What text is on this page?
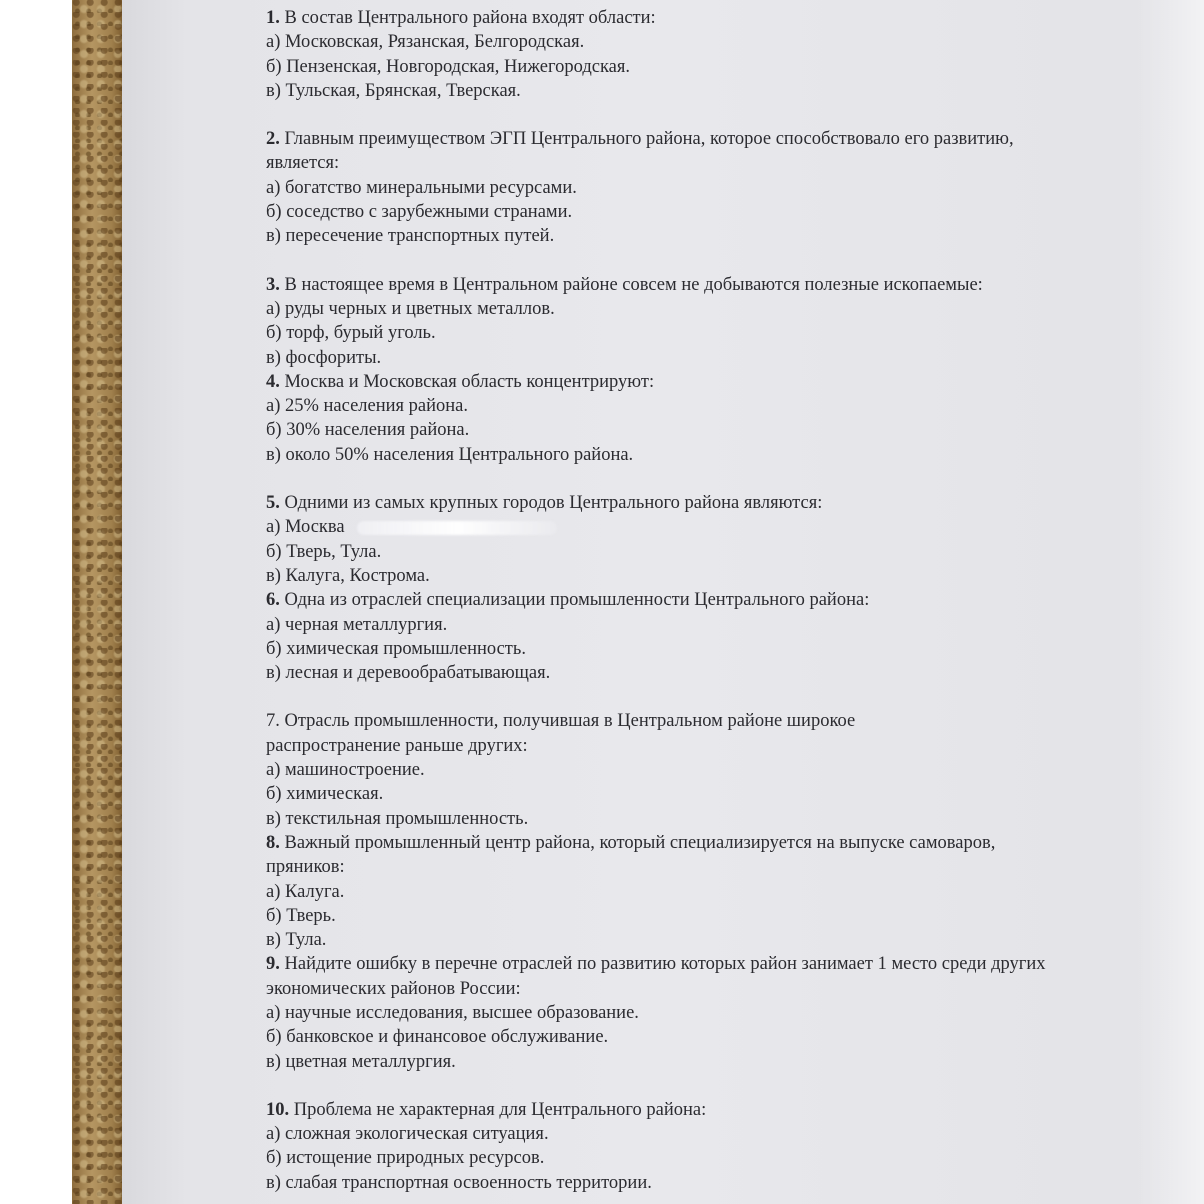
1. В состав Центрального района входят области:
а) Московская, Рязанская, Белгородская.
б) Пензенская, Новгородская, Нижегородская.
в) Тульская, Брянская, Тверская.
2. Главным преимуществом ЭГП Центрального района, которое способствовало его развитию, является:
а) богатство минеральными ресурсами.
б) соседство с зарубежными странами.
в) пересечение транспортных путей.
3. В настоящее время в Центральном районе совсем не добываются полезные ископаемые:
а) руды черных и цветных металлов.
б) торф, бурый уголь.
в) фосфориты.
4. Москва и Московская область концентрируют:
а) 25% населения района.
б) 30% населения района.
в) около 50% населения Центрального района.
5. Одними из самых крупных городов Центрального района являются:
а) Москва
б) Тверь, Тула.
в) Калуга, Кострома.
6. Одна из отраслей специализации промышленности Центрального района:
а) черная металлургия.
б) химическая промышленность.
в) лесная и деревообрабатывающая.
7. Отрасль промышленности, получившая в Центральном районе широкое распространение раньше других:
а) машиностроение.
б) химическая.
в) текстильная промышленность.
8. Важный промышленный центр района, который специализируется на выпуске самоваров, пряников:
а) Калуга.
б) Тверь.
в) Тула.
9. Найдите ошибку в перечне отраслей по развитию которых район занимает 1 место среди других экономических районов России:
а) научные исследования, высшее образование.
б) банковское и финансовое обслуживание.
в) цветная металлургия.
10. Проблема не характерная для Центрального района:
а) сложная экологическая ситуация.
б) истощение природных ресурсов.
в) слабая транспортная освоенность территории.
